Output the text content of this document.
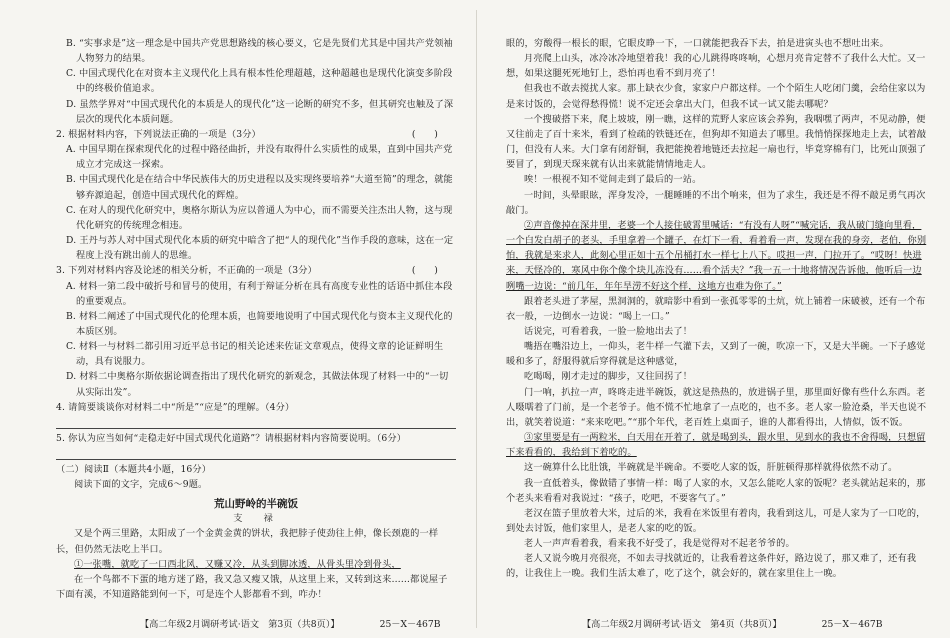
B. “实事求是”这一理念是中国共产党思想路线的核心要义，它是先贤们尤其是中国共产党领袖人物努力的结果。

C. 中国式现代化在对资本主义现代化上具有根本性伦理超越，这种超越也是现代化演变多阶段中的终极价值追求。

D. 虽然学界对“中国式现代化的本质是人的现代化”这一论断的研究不多，但其研究也触及了深层次的现代化本质问题。

2. 根据材料内容，下列说法正确的一项是（3分）	(　　)

A. 中国早期在探索现代化的过程中路径曲折，并没有取得什么实质性的成果，直到中国共产党成立才完成这一探索。

B. 中国式现代化是在结合中华民族伟大的历史进程以及实现终要培养“大道至简”的理念，就能够弃源追起，创造中国式现代化的辉煌。

C. 在对人的现代化研究中，奥格尔斯认为应以普通人为中心，而不需要关注杰出人物，这与现代化研究的传统理念相违。

D. 王丹与苏人对中国式现代化本质的研究中暗含了把“人的现代化”当作手段的意味，这在一定程度上没有跳出前人的思维。

3. 下列对材料内容及论述的相关分析，不正确的一项是（3分）	(　　)

A. 材料一第二段中破折号和冒号的使用，有利于辩证分析在具有高度专业性的话语中抓住本段的重要观点。

B. 材料二阐述了中国式现代化的伦理本质，也简要地说明了中国式现代化与资本主义现代化的本质区别。

C. 材料一与材料二都引用习近平总书记的相关论述来佐证文章观点，使得文章的论证鲜明生动，具有说服力。

D. 材料二中奥格尔斯依据论调查指出了现代化研究的新观念，其做法体现了材料一中的“一切从实际出发”。

4. 请简要谈谈你对材料二中“所是”“应是”的理解。（4分）

5. 你认为应当如何“走稳走好中国式现代化道路”？请根据材料内容简要说明。（6分）

（二）阅读Ⅱ（本题共4小题，16分）

阅读下面的文字，完成6～9题。

荒山野岭的半碗饭
支　禄

又是个两三里路，太阳成了一个金黄金黄的饼状，我把脖子使劲往上伸，像长颈鹿的一样长，但仍然无法吃上半口。

①一张嘴，就吃了一口西北风，又赚又冷，从头到脚冰透，从骨头里冷到骨头，

在一个鸟都不下蛋的地方迷了路，我又急又瘦又饿，从这里上来，又转到这来……都说屋子下面有溪，不知道路能到何一下，可是连个人影都看不到，咋办！

【高二年级2月调研考试·语文　第3页（共8页）】	25－X－467B

眼的，穷酸得一根长的眼，它眼皮睁一下，一口就能把我吞下去，拍是进寅头也不想吐出来。

月亮爬上山头，冰冷冰冷地望着我！我的心儿跳得咚咚响，心想月亮肯定替不了我什么大忙。又一想，如果这腿死死地钉上，恐怕再也看不到月亮了！

但我也不敢去搅扰人家。那上缺衣少食，家家户户都这样。一个个陌生人吃闭门羹，会给住家以为是来讨饭的，会觉得愁得慌！说不定还会拿出大门，但我不试一试又能去哪呢？

一个搜破搭下来，爬上坡坡，刚一瞧，这样的荒野人家应该会养狗，我咽嘿了两声，不见动静，便又往前走了百十来米，看到了检疏的铁链还在，但狗却不知道去了哪里。我悄悄探探地走上去，试着敲门，但没有人来。大门拿有闭舒铜，我把能挽着地链还去拉起一扇也行，毕竟穿棉有门，比死山顶强了要冒了，到现天琛来就有认出来就能情情地走人。

唉！一根视不知不觉间走到了最后的一站。

一时间，头晕眼眩，浑身发冷，一腿睡睡的不出个响来，但为了求生，我还是不得不敲足勇气再次敲门。

②声音像掉在深井里，老婆一个人接住破霄里喊话：“有没有人呀”“喊完话，我从破门缝向里看，一个白发白胡子的老头，手里拿着一个罐子，在灯下一看，看着看一声，发现在我的身旁，老伯，你别怕，我就是来求人，此刻心里正如十五个吊桶打水一样七上八下。哎担一声，门拉开了。“哎呀！快进来，天怪冷的，寒风中你个像个块儿冻没有……看个活夫？”我一五一十地将情况告诉他，他听后一边咧嘴一边说：“前几年，年年旱涝不好这个样，这地方也难为你了。”

跟着老头进了茅屋，黑洞洞的，就暗影中看到一张孤零零的土炕，炕上铺着一床破被，还有一个布衣一般，一边倒水一边说：“喝上一口。”

话说完，可看着我，一脸一脸地出去了！

嘴捂在嘴沿边上，一仰头，老牛样一气灌下去，又到了一碗，吹凉一下，又是大半碗。一下子感觉暖和多了，舒服得就后穿得就是这种感觉，

吃喝喝，刚才走过的脚步，又往回拐了！

门一响，扒拉一声，咚咚走进半碗饭，就这是热热的，放进锅子里，那里面好像有些什么东西。老人嗫嚅着了门前，是一个老爷子。他不慌不忙地拿了一点吃的，也不多。老人家一脸沧桑，半天也说不出，就笑着说道：“来来吃吧。”“那个年代，老百姓上桌面子，谁的人都看得出，人情似，饭不饭。

③家里要是有一两粒米，白天用在开着了，就是喝到头，跟水里，见到水的我也不舍得喝，只想留下来看看的，我给到下着吃的。

这一碗算什么比肚饿，半碗就是半碗命。不要吃人家的饭，肝脏顿得那样就得依然不动了。

我一直低着头，像做错了事情一样：喝了人家的水，又怎么能吃人家的饭呢？老头就站起来的，那个老头来看看对我说过：“孩子，吃吧，不要客气了。”

老汉在篮子里放着大米，过后的米，我看在米饭里有着肉，我看到这儿，可是人家为了一口吃的，到处去讨饭，他们家里人，是老人家的吃的饭。

老人一声声看着我，看来我不好受了，我是觉得对不起老爷爷的。

老人又说今晚月亮很亮，不如去寻找就近的，让我看着这条件好，路边说了，那又难了，还有我的，让我住上一晚。我们生活太难了，吃了这个，就会好的，就在家里住上一晚。

【高二年级2月调研考试·语文　第4页（共8页）】	25－X－467B
